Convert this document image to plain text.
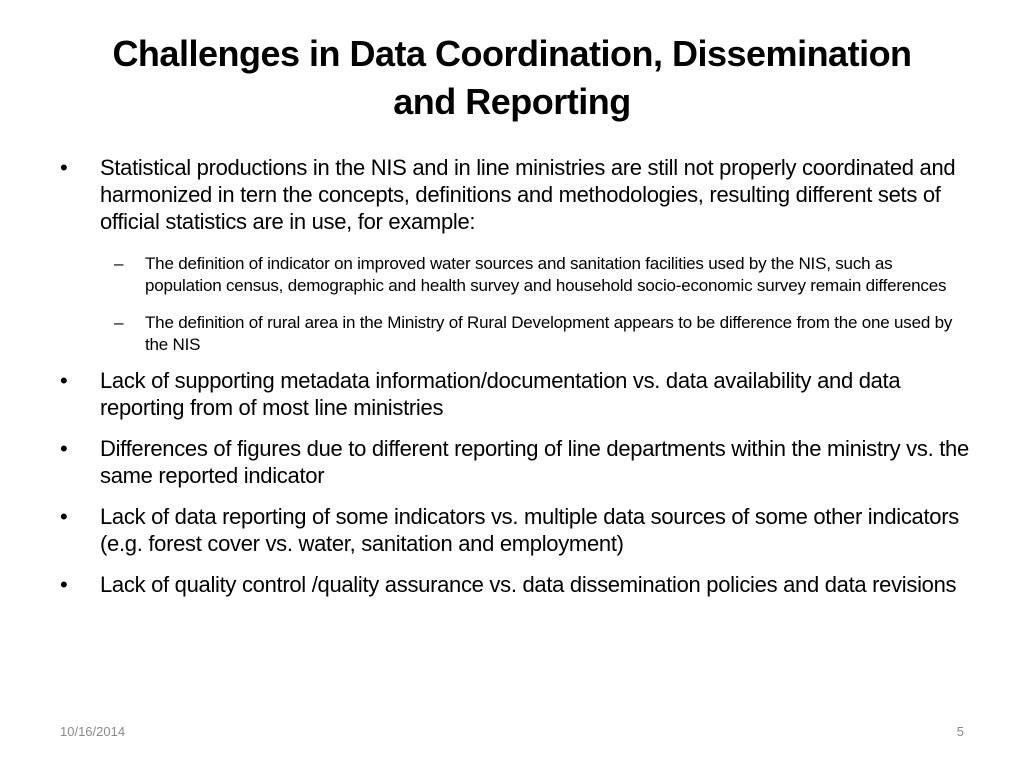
Challenges in Data Coordination, Dissemination
and Reporting
•	Statistical productions in the NIS and in line ministries are still not properly coordinated and harmonized in tern the concepts, definitions and methodologies, resulting different sets of official statistics are in use, for example:
–	The definition of indicator on improved water sources and sanitation facilities used by the NIS, such as population census, demographic and health survey and household socio-economic survey remain differences
–	The definition of rural area in the Ministry of Rural Development appears to be difference from the one used by the NIS
•	Lack of supporting metadata information/documentation vs. data availability and data reporting from of most line ministries
•	Differences of figures due to different reporting of line departments within the ministry vs. the same reported indicator
•	Lack of data reporting of some indicators vs. multiple data sources of some other indicators (e.g. forest cover vs. water, sanitation and employment)
•	Lack of quality control /quality assurance vs. data dissemination policies and data revisions
10/16/2014	5
